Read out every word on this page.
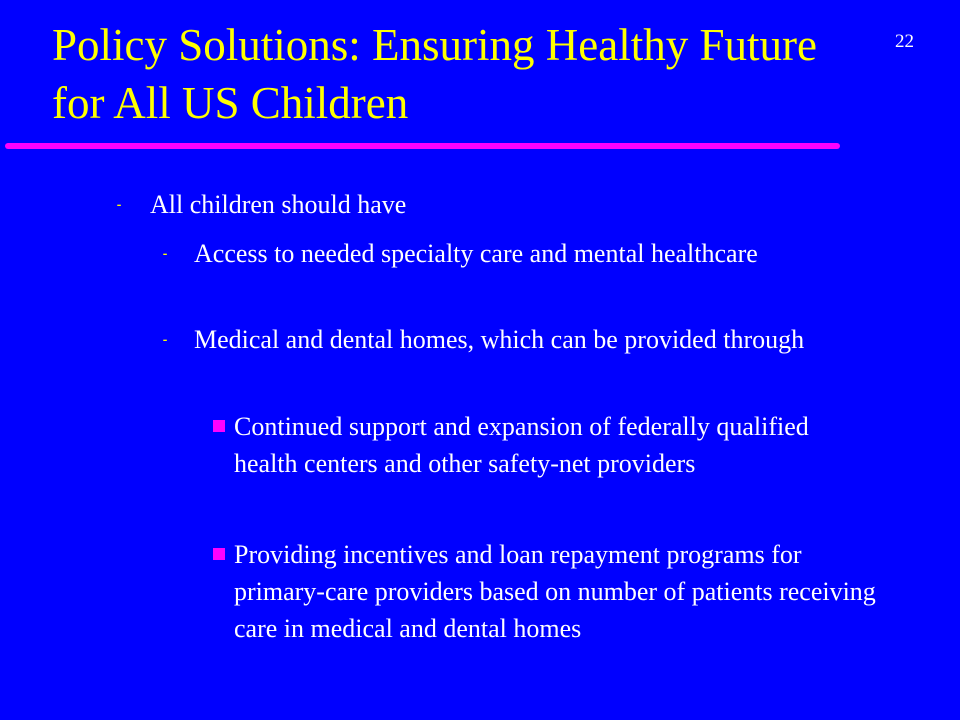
Policy Solutions: Ensuring Healthy Future for All US Children
22
⁃ All children should have
⁃ Access to needed specialty care and mental healthcare
⁃ Medical and dental homes, which can be provided through
Continued support and expansion of federally qualified health centers and other safety-net providers
Providing incentives and loan repayment programs for primary-care providers based on number of patients receiving care in medical and dental homes
